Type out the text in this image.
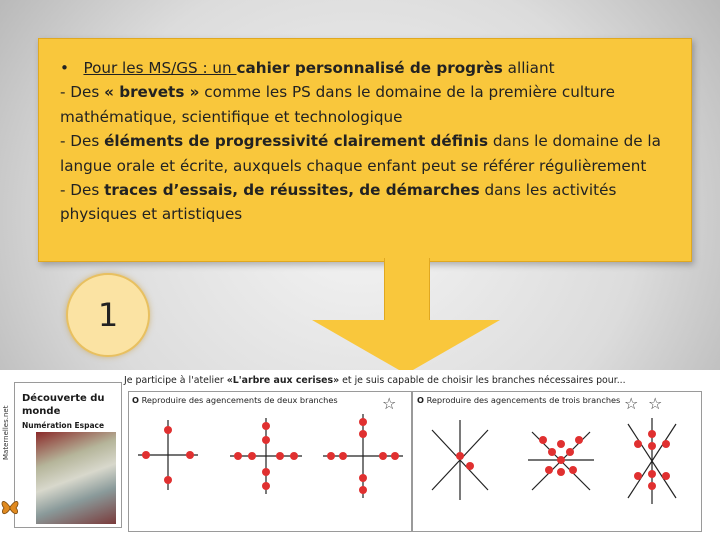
• Pour les MS/GS : un cahier personnalisé de progrès alliant

- Des « brevets » comme les PS dans le domaine de la première culture

mathématique, scientifique et technologique

- Des éléments de progressivité clairement définis dans le domaine de la

langue orale et écrite, auxquels chaque enfant peut se référer régulièrement

- Des traces d’essais, de réussites, de démarches dans les activités

physiques et artistiques

1
Maternelles.net
Découverte du monde
Numération Espace
Je participe à l'atelier «L'arbre aux cerises» et je suis capable de choisir les branches nécessaires pour...
O Reproduire des agencements de deux branches	O Reproduire des agencements de trois branches
☆	☆ ☆
